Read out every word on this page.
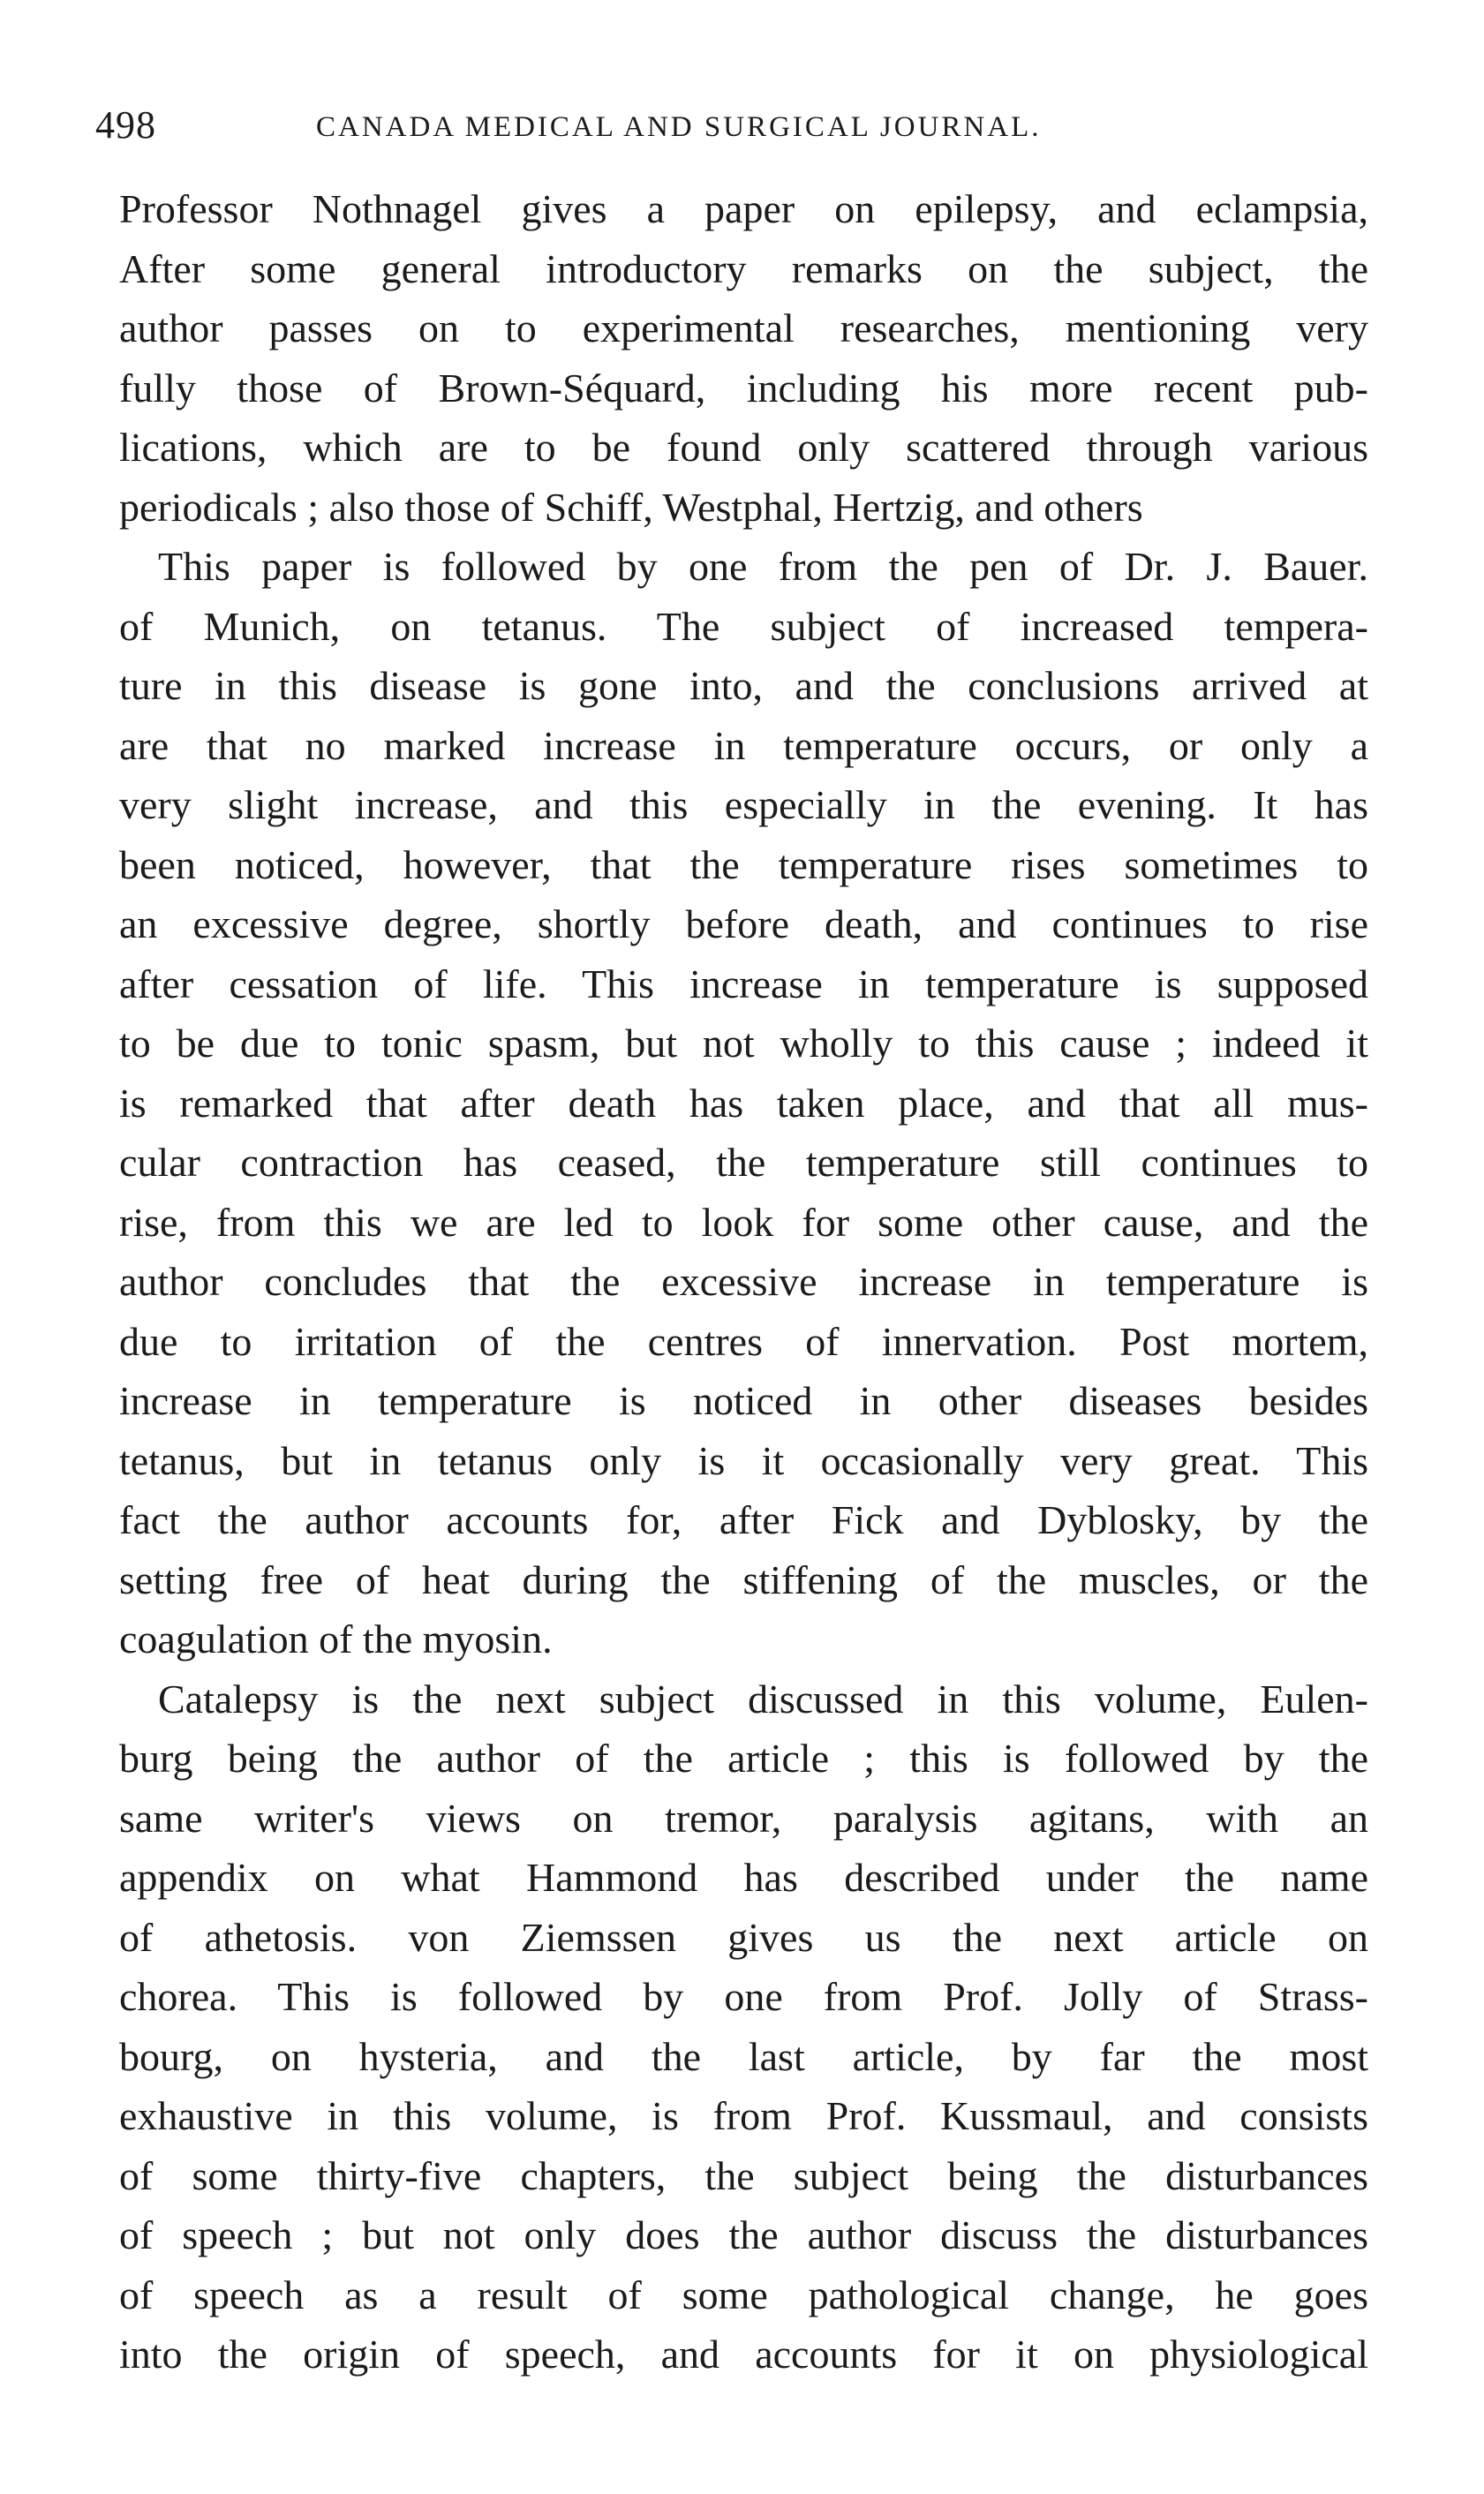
498	CANADA MEDICAL AND SURGICAL JOURNAL.
Professor Nothnagel gives a paper on epilepsy, and eclampsia,
After some general introductory remarks on the subject, the
author passes on to experimental researches, mentioning very
fully those of Brown-Séquard, including his more recent pub-
lications, which are to be found only scattered through various
periodicals ; also those of Schiff, Westphal, Hertzig, and others
This paper is followed by one from the pen of Dr. J. Bauer.
of Munich, on tetanus. The subject of increased tempera-
ture in this disease is gone into, and the conclusions arrived at
are that no marked increase in temperature occurs, or only a
very slight increase, and this especially in the evening. It has
been noticed, however, that the temperature rises sometimes to
an excessive degree, shortly before death, and continues to rise
after cessation of life. This increase in temperature is supposed
to be due to tonic spasm, but not wholly to this cause ; indeed it
is remarked that after death has taken place, and that all mus-
cular contraction has ceased, the temperature still continues to
rise, from this we are led to look for some other cause, and the
author concludes that the excessive increase in temperature is
due to irritation of the centres of innervation. Post mortem,
increase in temperature is noticed in other diseases besides
tetanus, but in tetanus only is it occasionally very great. This
fact the author accounts for, after Fick and Dyblosky, by the
setting free of heat during the stiffening of the muscles, or the
coagulation of the myosin.
Catalepsy is the next subject discussed in this volume, Eulen-
burg being the author of the article ; this is followed by the
same writer's views on tremor, paralysis agitans, with an
appendix on what Hammond has described under the name
of athetosis. von Ziemssen gives us the next article on
chorea. This is followed by one from Prof. Jolly of Strass-
bourg, on hysteria, and the last article, by far the most
exhaustive in this volume, is from Prof. Kussmaul, and consists
of some thirty-five chapters, the subject being the disturbances
of speech ; but not only does the author discuss the disturbances
of speech as a result of some pathological change, he goes
into the origin of speech, and accounts for it on physiological
